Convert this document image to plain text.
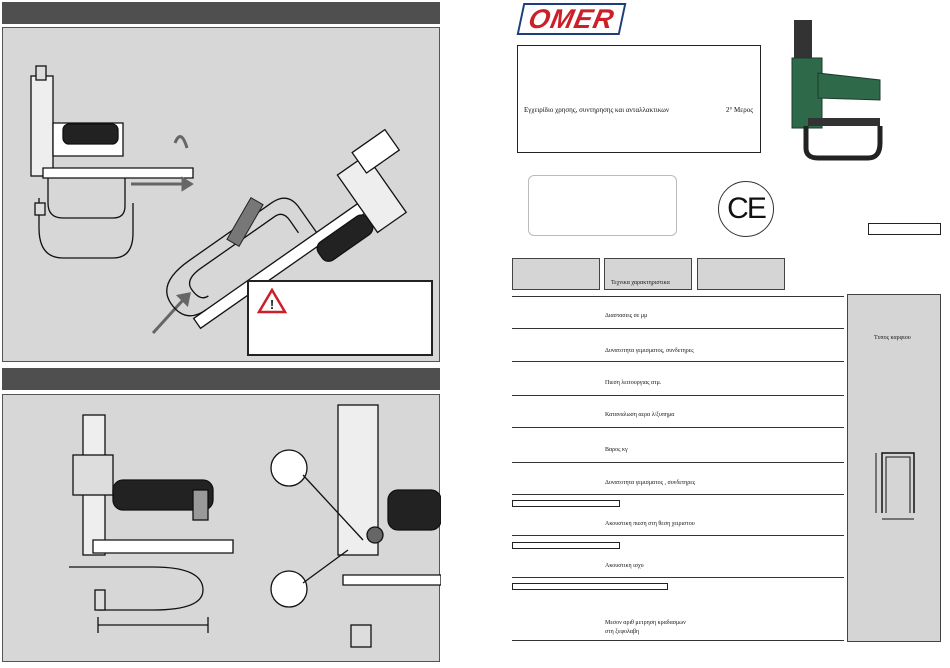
!
OMER
Εγχειρίδιο χρησης, συντηρησης και ανταλλακτικων	2° Μερος
CE
Τεχνικα χαρακτηριστικα
Διαστασεις σε μμ
Δυνατοτητα γεμισματος, συνδετηρες
Πιεση λειτουργιας ατμ.
Καταναλωση αερα λ/ξυπημα
Βαρος κγ
Δυνατοτητα γεμισματος , συνδετηρες
Ακουστικη πιεση στη θεση χειριστου
Ακουστικη ισχυ
Μεσον αριθ μετρηση κραδασμων
στη ξεφολαβη
Τυπος καρφιου
